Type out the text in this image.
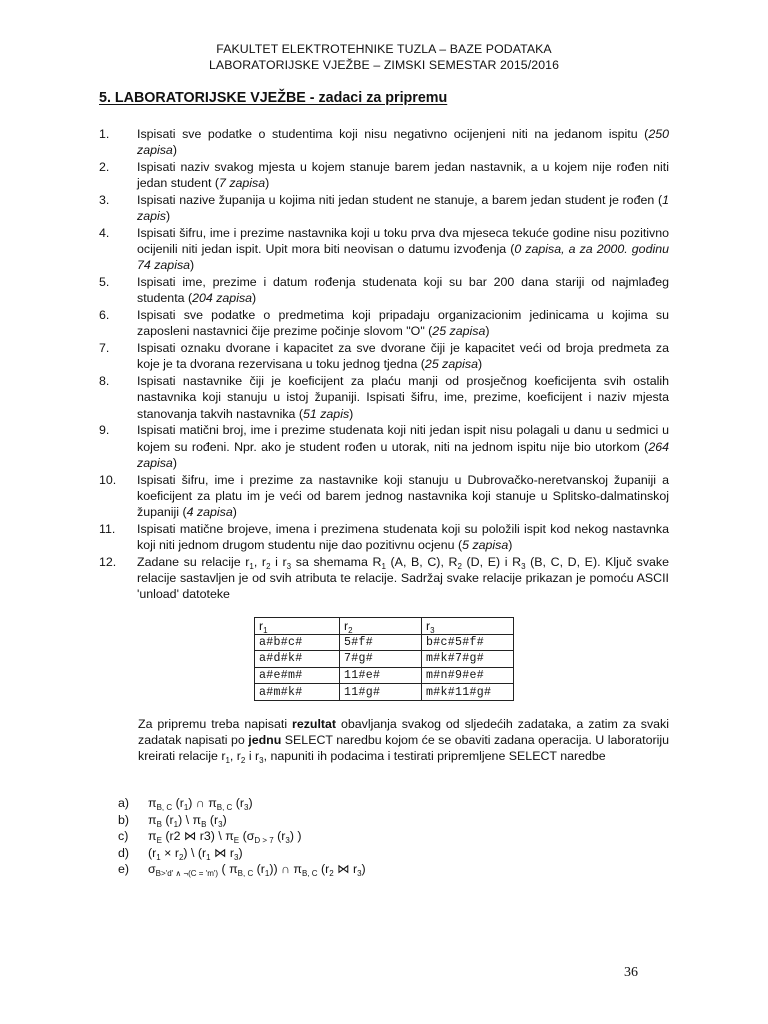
FAKULTET ELEKTROTEHNIKE TUZLA – BAZE PODATAKA
LABORATORIJSKE VJEŽBE – ZIMSKI SEMESTAR 2015/2016
5. LABORATORIJSKE VJEŽBE - zadaci za pripremu
1. Ispisati sve podatke o studentima koji nisu negativno ocijenjeni niti na jedanom ispitu (250 zapisa)
2. Ispisati naziv svakog mjesta u kojem stanuje barem jedan nastavnik, a u kojem nije rođen niti jedan student (7 zapisa)
3. Ispisati nazive županija u kojima niti jedan student ne stanuje, a barem jedan student je rođen (1 zapis)
4. Ispisati šifru, ime i prezime nastavnika koji u toku prva dva mjeseca tekuće godine nisu pozitivno ocijenili niti jedan ispit. Upit mora biti neovisan o datumu izvođenja (0 zapisa, a za 2000. godinu 74 zapisa)
5. Ispisati ime, prezime i datum rođenja studenata koji su bar 200 dana stariji od najmlađeg studenta (204 zapisa)
6. Ispisati sve podatke o predmetima koji pripadaju organizacionim jedinicama u kojima su zaposleni nastavnici čije prezime počinje slovom "O" (25 zapisa)
7. Ispisati oznaku dvorane i kapacitet za sve dvorane čiji je kapacitet veći od broja predmeta za koje je ta dvorana rezervisana u toku jednog tjedna (25 zapisa)
8. Ispisati nastavnike čiji je koeficijent za plaću manji od prosječnog koeficijenta svih ostalih nastavnika koji stanuju u istoj županiji. Ispisati šifru, ime, prezime, koeficijent i naziv mjesta stanovanja takvih nastavnika (51 zapis)
9. Ispisati matični broj, ime i prezime studenata koji niti jedan ispit nisu polagali u danu u sedmici u kojem su rođeni. Npr. ako je student rođen u utorak, niti na jednom ispitu nije bio utorkom (264 zapisa)
10. Ispisati šifru, ime i prezime za nastavnike koji stanuju u Dubrovačko-neretvanskoj županiji a koeficijent za platu im je veći od barem jednog nastavnika koji stanuje u Splitsko-dalmatinskoj županiji (4 zapisa)
11. Ispisati matične brojeve, imena i prezimena studenata koji su položili ispit kod nekog nastavnka koji niti jednom drugom studentu nije dao pozitivnu ocjenu (5 zapisa)
12. Zadane su relacije $r_1$, $r_2$ i $r_3$ sa shemama $R_1$ (A, B, C), $R_2$ (D, E) i $R_3$ (B, C, D, E). Ključ svake relacije sastavljen je od svih atributa te relacije. Sadržaj svake relacije prikazan je pomoću ASCII 'unload' datoteke
$r_1$	$r_2$	$r_3$
a#b#c#	5#f#	b#c#5#f#
a#d#k#	7#g#	m#k#7#g#
a#e#m#	11#e#	m#n#9#e#
a#m#k#	11#g#	m#k#11#g#
Za pripremu treba napisati rezultat obavljanja svakog od sljedećih zadataka, a zatim za svaki zadatak napisati po jednu SELECT naredbu kojom će se obaviti zadana operacija. U laboratoriju kreirati relacije $r_1$, $r_2$ i $r_3$, napuniti ih podacima i testirati pripremljene SELECT naredbe
a) $\pi_{B, C}$ $(r_1)$ ∩ $\pi_{B, C}$ $(r_3)$
b) $\pi_B$ $(r_1)$ \ $\pi_B$ $(r_3)$
c) $\pi_E$ (r2 ⋈ r3) \ $\pi_E$ ($\sigma_{D > 7}$ $(r_3)$ )
d) $(r_1 \times r_2)$ \ ($r_1$ ⋈ $r_3$)
e) $\sigma_{B>'d' \wedge \neg(C = 'm')}$ ( $\pi_{B, C}$ $(r_1)$) ∩ $\pi_{B, C}$ ($r_2$ ⋈ $r_3$)
36
